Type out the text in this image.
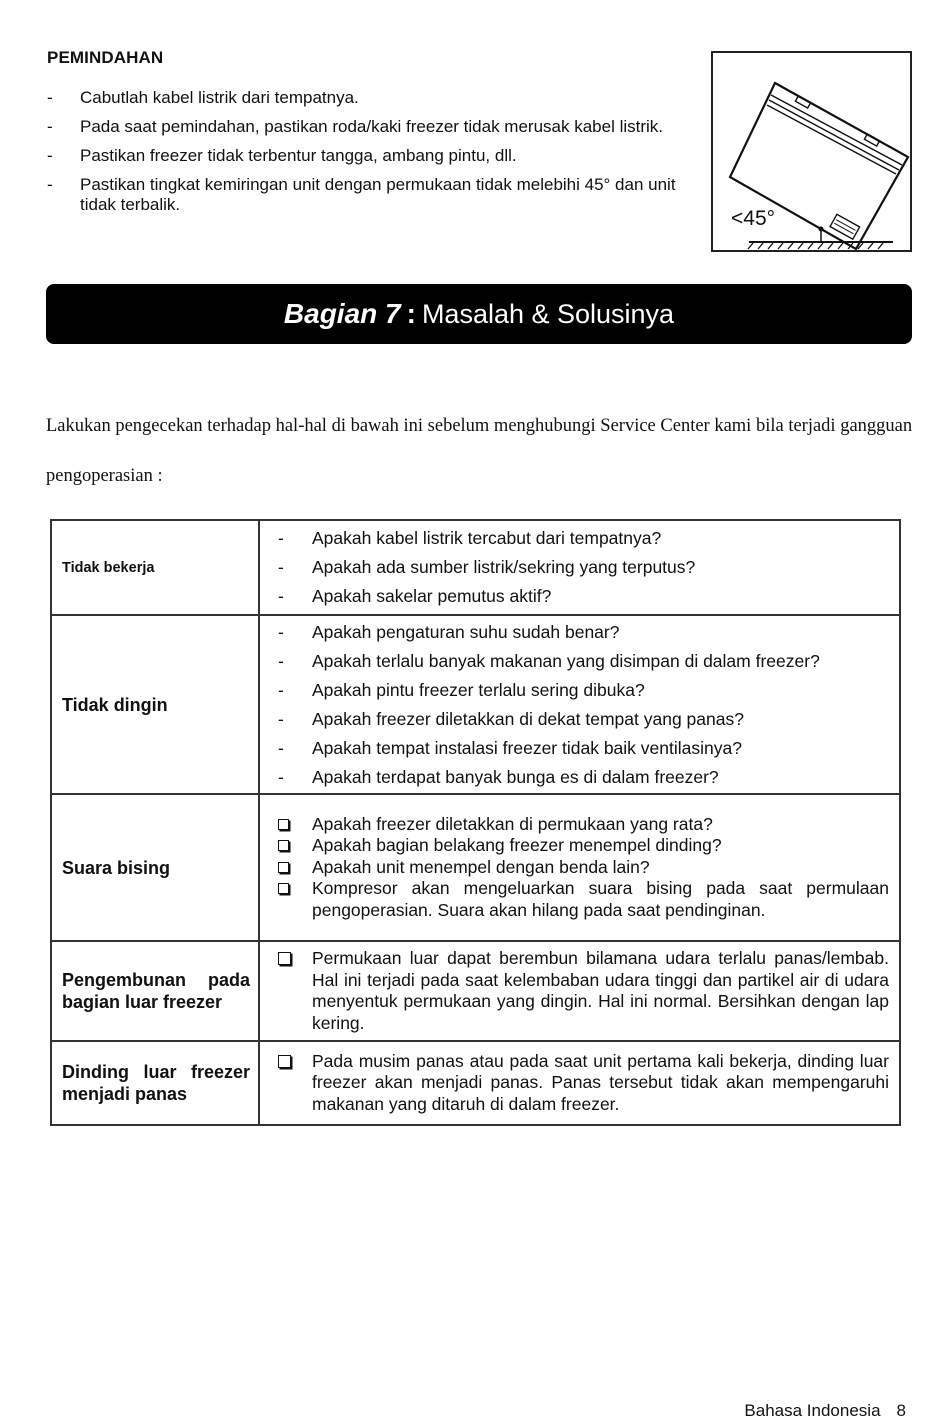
PEMINDAHAN
- Cabutlah kabel listrik dari tempatnya.
- Pada saat pemindahan, pastikan roda/kaki freezer tidak merusak kabel listrik.
- Pastikan freezer tidak terbentur tangga, ambang pintu, dll.
- Pastikan tingkat kemiringan unit dengan permukaan tidak melebihi 45° dan unit tidak terbalik.
<45°
Bagian 7 : Masalah & Solusinya
Lakukan pengecekan terhadap hal-hal di bawah ini sebelum menghubungi Service Center kami bila terjadi gangguan pengoperasian :
Tidak bekerja	
- Apakah kabel listrik tercabut dari tempatnya?
- Apakah ada sumber listrik/sekring yang terputus?
- Apakah sakelar pemutus aktif?

Tidak dingin	
- Apakah pengaturan suhu sudah benar?
- Apakah terlalu banyak makanan yang disimpan di dalam freezer?
- Apakah pintu freezer terlalu sering dibuka?
- Apakah freezer diletakkan di dekat tempat yang panas?
- Apakah tempat instalasi freezer tidak baik ventilasinya?
- Apakah terdapat banyak bunga es di dalam freezer?

Suara bising	
Apakah freezer diletakkan di permukaan yang rata?
Apakah bagian belakang freezer menempel dinding?
Apakah unit menempel dengan benda lain?
Kompresor akan mengeluarkan suara bising pada saat permulaan pengoperasian. Suara akan hilang pada saat pendinginan.

Pengembunan pada bagian luar freezer	
Permukaan luar dapat berembun bilamana udara terlalu panas/lembab. Hal ini terjadi pada saat kelembaban udara tinggi dan partikel air di udara menyentuk permukaan yang dingin. Hal ini normal. Bersihkan dengan lap kering.

Dinding luar freezer menjadi panas	
Pada musim panas atau pada saat unit pertama kali bekerja, dinding luar freezer akan menjadi panas. Panas tersebut tidak akan mempengaruhi makanan yang ditaruh di dalam freezer.
Bahasa Indonesia 8
